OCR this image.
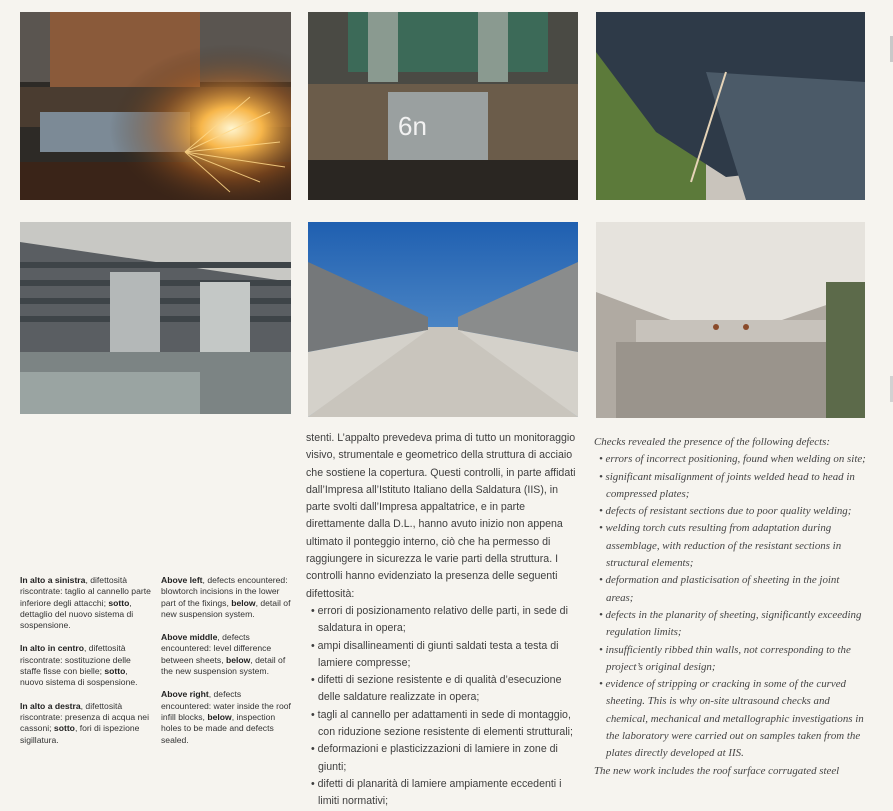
6n

In alto a sinistra, difettosità riscontrate: taglio al cannello parte inferiore degli attacchi; sotto, dettaglio del nuovo sistema di sospensione.

In alto in centro, difettosità riscontrate: sostituzione delle staffe fisse con bielle; sotto, nuovo sistema di sospensione.

In alto a destra, difettosità riscontrate: presenza di acqua nei cassoni; sotto, fori di ispezione sigillatura.

Above left, defects encountered: blowtorch incisions in the lower part of the fixings, below, detail of new suspension system.

Above middle, defects encountered: level difference between sheets, below, detail of the new suspension system.

Above right, defects encountered: water inside the roof infill blocks, below, inspection holes to be made and defects sealed.

stenti. L’appalto prevedeva prima di tutto un monitoraggio visivo, strumentale e geometrico della struttura di acciaio che sostiene la copertura. Questi controlli, in parte affidati dall’Impresa all’Istituto Italiano della Saldatura (IIS), in parte svolti dall’Impresa appaltatrice, e in parte direttamente dalla D.L., hanno avuto inizio non appena ultimato il ponteggio interno, ciò che ha permesso di raggiungere in sicurezza le varie parti della struttura. I controlli hanno evidenziato la presenza delle seguenti difettosità:

• errori di posizionamento relativo delle parti, in sede di saldatura in opera;
• ampi disallineamenti di giunti saldati testa a testa di lamiere compresse;
• difetti di sezione resistente e di qualità d’esecuzione delle saldature realizzate in opera;
• tagli al cannello per adattamenti in sede di montaggio, con riduzione sezione resistente di elementi strutturali;
• deformazioni e plasticizzazioni di lamiere in zone di giunti;
• difetti di planarità di lamiere ampiamente eccedenti i limiti normativi;

Checks revealed the presence of the following defects:

• errors of incorrect positioning, found when welding on site;
• significant misalignment of joints welded head to head in compressed plates;
• defects of resistant sections due to poor quality welding;
• welding torch cuts resulting from adaptation during assemblage, with reduction of the resistant sections in structural elements;
• deformation and plasticisation of sheeting in the joint areas;
• defects in the planarity of sheeting, significantly exceeding regulation limits;
• insufficiently ribbed thin walls, not corresponding to the project’s original design;
• evidence of stripping or cracking in some of the curved sheeting. This is why on-site ultrasound checks and chemical, mechanical and metallographic investigations in the laboratory were carried out on samples taken from the plates directly developed at IIS.

The new work includes the roof surface corrugated steel
